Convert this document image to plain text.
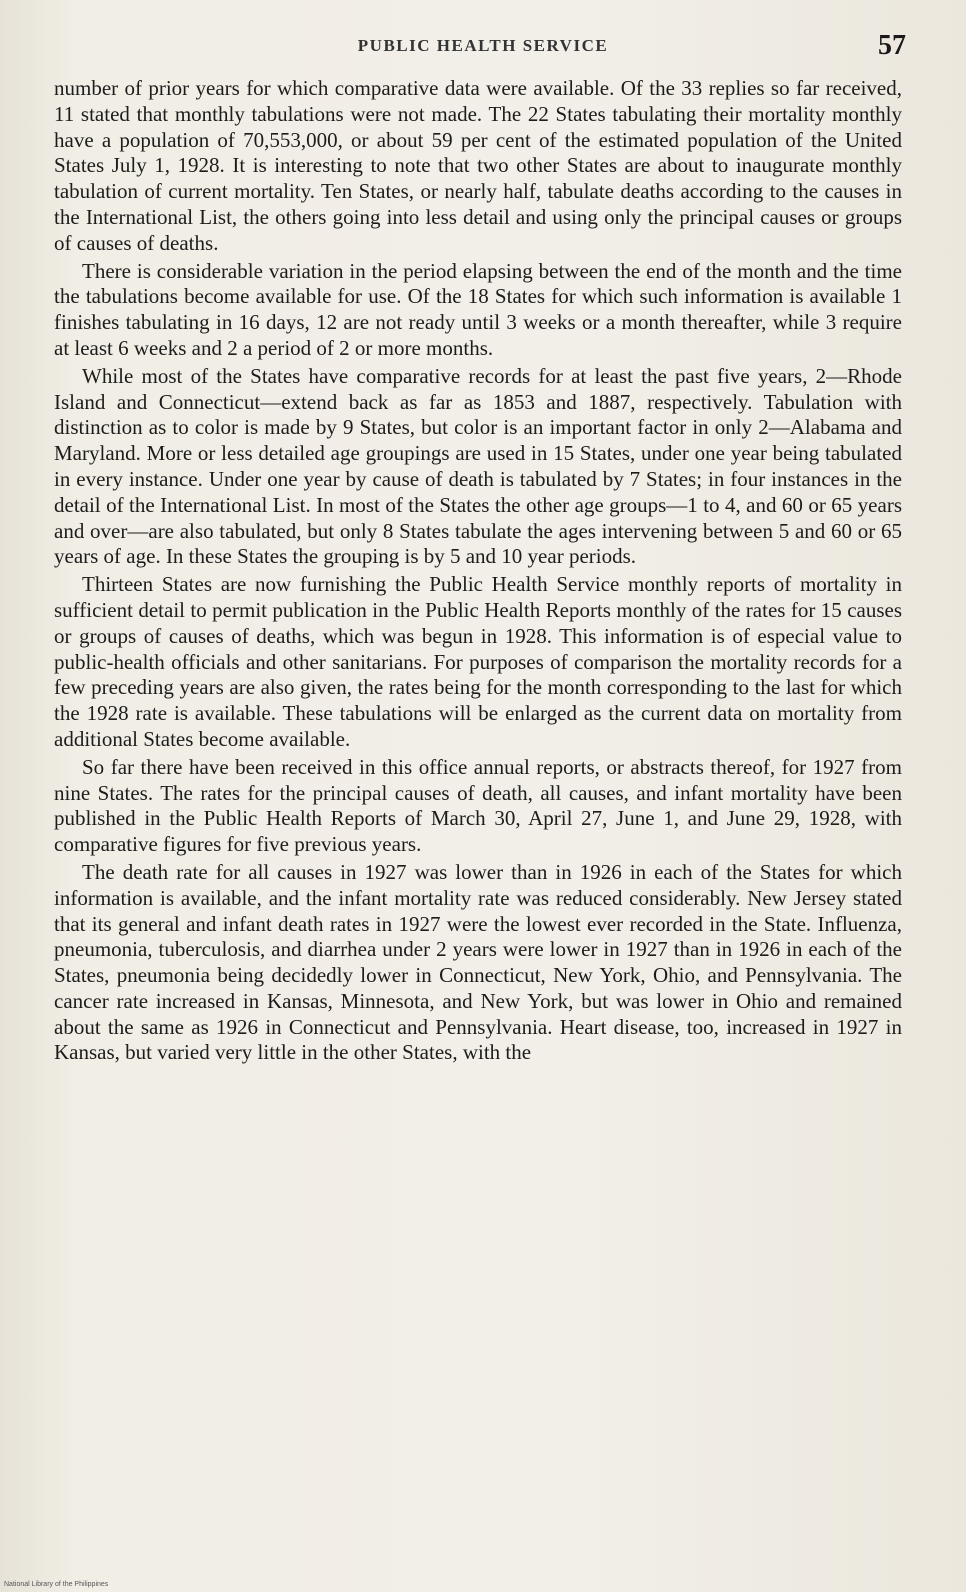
PUBLIC HEALTH SERVICE	57

number of prior years for which comparative data were available. Of the 33 replies so far received, 11 stated that monthly tabulations were not made. The 22 States tabulating their mortality monthly have a population of 70,553,000, or about 59 per cent of the estimated population of the United States July 1, 1928. It is interesting to note that two other States are about to inaugurate monthly tabulation of current mortality. Ten States, or nearly half, tabulate deaths according to the causes in the International List, the others going into less detail and using only the principal causes or groups of causes of deaths.

There is considerable variation in the period elapsing between the end of the month and the time the tabulations become available for use. Of the 18 States for which such information is available 1 finishes tabulating in 16 days, 12 are not ready until 3 weeks or a month thereafter, while 3 require at least 6 weeks and 2 a period of 2 or more months.

While most of the States have comparative records for at least the past five years, 2—Rhode Island and Connecticut—extend back as far as 1853 and 1887, respectively. Tabulation with distinction as to color is made by 9 States, but color is an important factor in only 2—Alabama and Maryland. More or less detailed age groupings are used in 15 States, under one year being tabulated in every instance. Under one year by cause of death is tabulated by 7 States; in four instances in the detail of the International List. In most of the States the other age groups—1 to 4, and 60 or 65 years and over—are also tabulated, but only 8 States tabulate the ages intervening between 5 and 60 or 65 years of age. In these States the grouping is by 5 and 10 year periods.

Thirteen States are now furnishing the Public Health Service monthly reports of mortality in sufficient detail to permit publication in the Public Health Reports monthly of the rates for 15 causes or groups of causes of deaths, which was begun in 1928. This information is of especial value to public-health officials and other sanitarians. For purposes of comparison the mortality records for a few preceding years are also given, the rates being for the month corresponding to the last for which the 1928 rate is available. These tabulations will be enlarged as the current data on mortality from additional States become available.

So far there have been received in this office annual reports, or abstracts thereof, for 1927 from nine States. The rates for the principal causes of death, all causes, and infant mortality have been published in the Public Health Reports of March 30, April 27, June 1, and June 29, 1928, with comparative figures for five previous years.

The death rate for all causes in 1927 was lower than in 1926 in each of the States for which information is available, and the infant mortality rate was reduced considerably. New Jersey stated that its general and infant death rates in 1927 were the lowest ever recorded in the State. Influenza, pneumonia, tuberculosis, and diarrhea under 2 years were lower in 1927 than in 1926 in each of the States, pneumonia being decidedly lower in Connecticut, New York, Ohio, and Pennsylvania. The cancer rate increased in Kansas, Minnesota, and New York, but was lower in Ohio and remained about the same as 1926 in Connecticut and Pennsylvania. Heart disease, too, increased in 1927 in Kansas, but varied very little in the other States, with the

National Library of the Philippines
